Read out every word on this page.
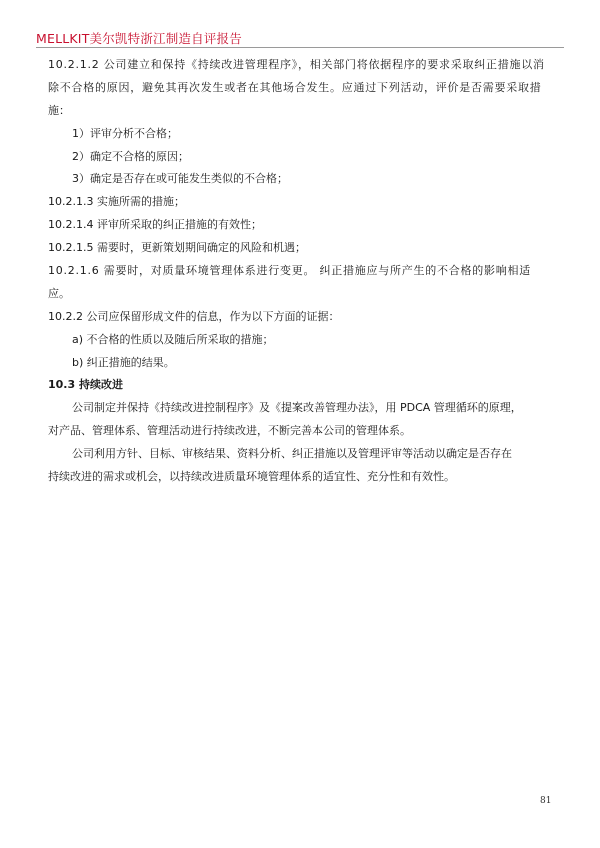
MELLKIT美尔凯特浙江制造自评报告
10.2.1.2 公司建立和保持《持续改进管理程序》，相关部门将依据程序的要求采取纠正措施以消
除不合格的原因，避免其再次发生或者在其他场合发生。应通过下列活动，评价是否需要采取措
施：
1）评审分析不合格；
2）确定不合格的原因；
3）确定是否存在或可能发生类似的不合格；
10.2.1.3 实施所需的措施；
10.2.1.4 评审所采取的纠正措施的有效性；
10.2.1.5 需要时，更新策划期间确定的风险和机遇；
10.2.1.6 需要时，对质量环境管理体系进行变更。 纠正措施应与所产生的不合格的影响相适
应。
10.2.2 公司应保留形成文件的信息，作为以下方面的证据：
a) 不合格的性质以及随后所采取的措施；
b) 纠正措施的结果。
10.3 持续改进
公司制定并保持《持续改进控制程序》及《提案改善管理办法》，用 PDCA 管理循环的原理，
对产品、管理体系、管理活动进行持续改进，不断完善本公司的管理体系。
公司利用方针、目标、审核结果、资料分析、纠正措施以及管理评审等活动以确定是否存在
持续改进的需求或机会，以持续改进质量环境管理体系的适宜性、充分性和有效性。
81
